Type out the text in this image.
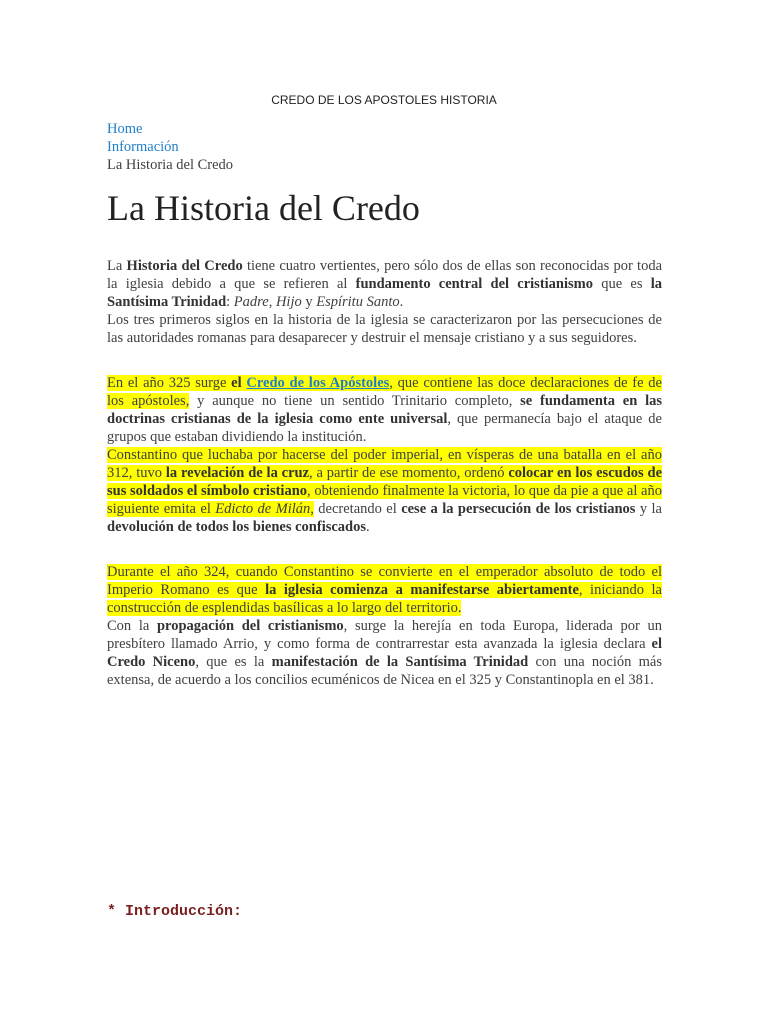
CREDO DE LOS APOSTOLES HISTORIA
Home
Información
La Historia del Credo
La Historia del Credo

La Historia del Credo tiene cuatro vertientes, pero sólo dos de ellas son reconocidas por toda la iglesia debido a que se refieren al fundamento central del cristianismo que es la Santísima Trinidad: Padre, Hijo y Espíritu Santo.

Los tres primeros siglos en la historia de la iglesia se caracterizaron por las persecuciones de las autoridades romanas para desaparecer y destruir el mensaje cristiano y a sus seguidores.

En el año 325 surge el Credo de los Apóstoles, que contiene las doce declaraciones de fe de los apóstoles, y aunque no tiene un sentido Trinitario completo, se fundamenta en las doctrinas cristianas de la iglesia como ente universal, que permanecía bajo el ataque de grupos que estaban dividiendo la institución.

Constantino que luchaba por hacerse del poder imperial, en vísperas de una batalla en el año 312, tuvo la revelación de la cruz, a partir de ese momento, ordenó colocar en los escudos de sus soldados el símbolo cristiano, obteniendo finalmente la victoria, lo que da pie a que al año siguiente emita el Edicto de Milán, decretando el cese a la persecución de los cristianos y la devolución de todos los bienes confiscados.

Durante el año 324, cuando Constantino se convierte en el emperador absoluto de todo el Imperio Romano es que la iglesia comienza a manifestarse abiertamente, iniciando la construcción de esplendidas basílicas a lo largo del territorio.

Con la propagación del cristianismo, surge la herejía en toda Europa, liderada por un presbítero llamado Arrio, y como forma de contrarrestar esta avanzada la iglesia declara el Credo Niceno, que es la manifestación de la Santísima Trinidad con una noción más extensa, de acuerdo a los concilios ecuménicos de Nicea en el 325 y Constantinopla en el 381.

* Introducción:
